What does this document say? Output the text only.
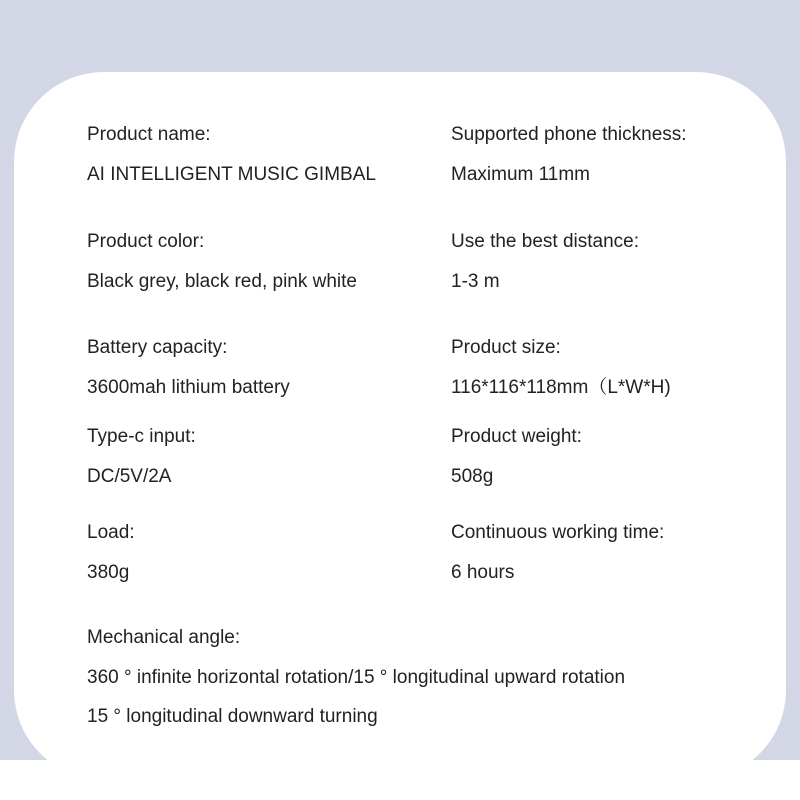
Product name:
AI INTELLIGENT MUSIC GIMBAL
Supported phone thickness:
Maximum 11mm
Product color:
Black grey, black red, pink white
Use the best distance:
1-3 m
Battery capacity:
3600mah lithium battery
Product size:
116*116*118mm（L*W*H)
Type-c input:
DC/5V/2A
Product weight:
508g
Load:
380g
Continuous working time:
6 hours
Mechanical angle:
360 ° infinite horizontal rotation/15 ° longitudinal upward rotation
15 ° longitudinal downward turning
